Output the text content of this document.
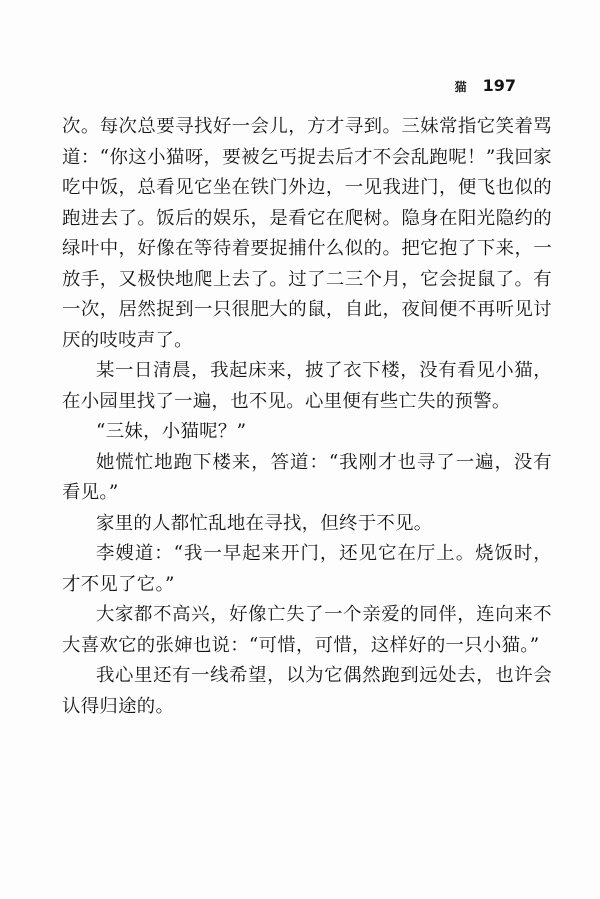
猫 197

次。每次总要寻找好一会儿，方才寻到。三妹常指它笑着骂道：“你这小猫呀，要被乞丐捉去后才不会乱跑呢！”我回家吃中饭，总看见它坐在铁门外边，一见我进门，便飞也似的跑进去了。饭后的娱乐，是看它在爬树。隐身在阳光隐约的绿叶中，好像在等待着要捉捕什么似的。把它抱了下来，一放手，又极快地爬上去了。过了二三个月，它会捉鼠了。有一次，居然捉到一只很肥大的鼠，自此，夜间便不再听见讨厌的吱吱声了。

某一日清晨，我起床来，披了衣下楼，没有看见小猫，在小园里找了一遍，也不见。心里便有些亡失的预警。

“三妹，小猫呢？”

她慌忙地跑下楼来，答道：“我刚才也寻了一遍，没有看见。”

家里的人都忙乱地在寻找，但终于不见。

李嫂道：“我一早起来开门，还见它在厅上。烧饭时，才不见了它。”

大家都不高兴，好像亡失了一个亲爱的同伴，连向来不大喜欢它的张婶也说：“可惜，可惜，这样好的一只小猫。”

我心里还有一线希望，以为它偶然跑到远处去，也许会认得归途的。
